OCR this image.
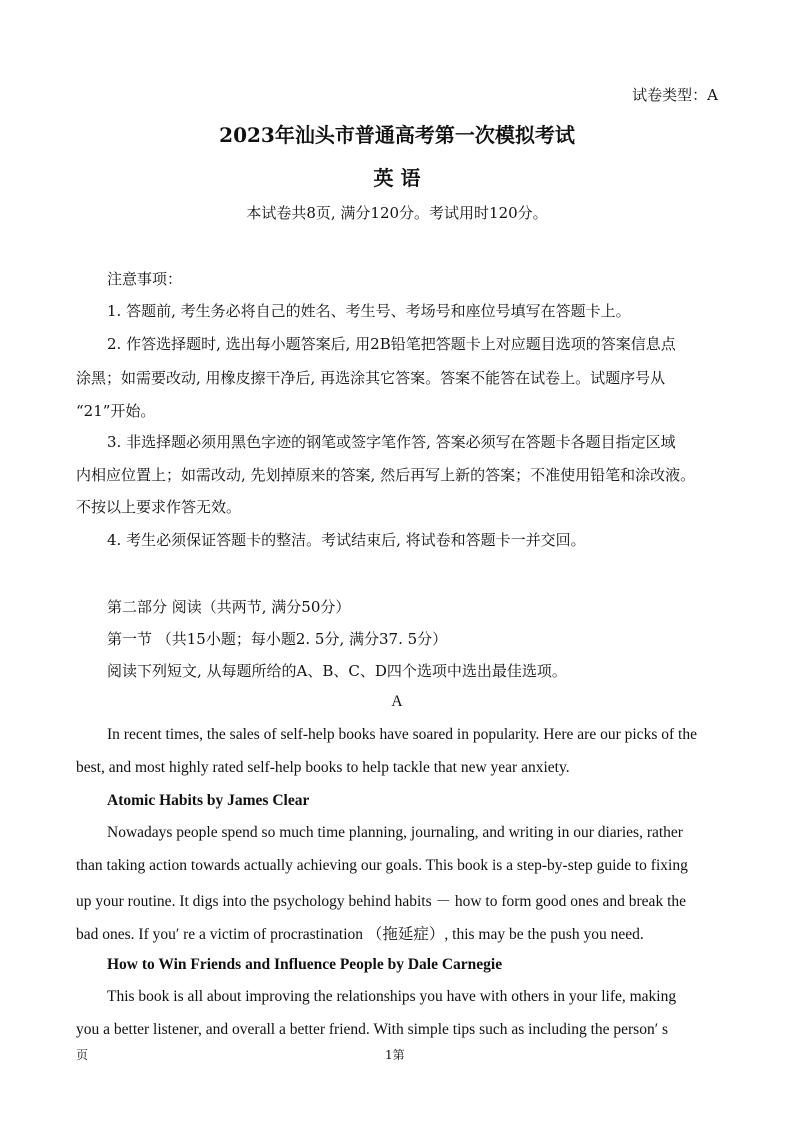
试卷类型：A
2023年汕头市普通高考第一次模拟考试
英 语
本试卷共8页, 满分120分。考试用时120分。
注意事项：
1. 答题前, 考生务必将自己的姓名、考生号、考场号和座位号填写在答题卡上。
2. 作答选择题时, 选出每小题答案后, 用2B铅笔把答题卡上对应题目选项的答案信息点
涂黑；如需要改动, 用橡皮擦干净后, 再选涂其它答案。答案不能答在试卷上。试题序号从
“21”开始。
3. 非选择题必须用黑色字迹的钢笔或签字笔作答, 答案必须写在答题卡各题目指定区域
内相应位置上；如需改动, 先划掉原来的答案, 然后再写上新的答案；不准使用铅笔和涂改液。
不按以上要求作答无效。
4. 考生必须保证答题卡的整洁。考试结束后, 将试卷和答题卡一并交回。
第二部分 阅读（共两节, 满分50分）
第一节 （共15小题；每小题2. 5分, 满分37. 5分）
阅读下列短文, 从每题所给的A、B、C、D四个选项中选出最佳选项。
A
In recent times, the sales of self-help books have soared in popularity. Here are our picks of the
best, and most highly rated self-help books to help tackle that new year anxiety.
Atomic Habits by James Clear
Nowadays people spend so much time planning, journaling, and writing in our diaries, rather
than taking action towards actually achieving our goals. This book is a step-by-step guide to fixing
up your routine. It digs into the psychology behind habits － how to form good ones and break the
bad ones. If you′ re a victim of procrastination （拖延症）, this may be the push you need.
How to Win Friends and Influence People by Dale Carnegie
This book is all about improving the relationships you have with others in your life, making
you a better listener, and overall a better friend. With simple tips such as including the person′ s
页	1第
